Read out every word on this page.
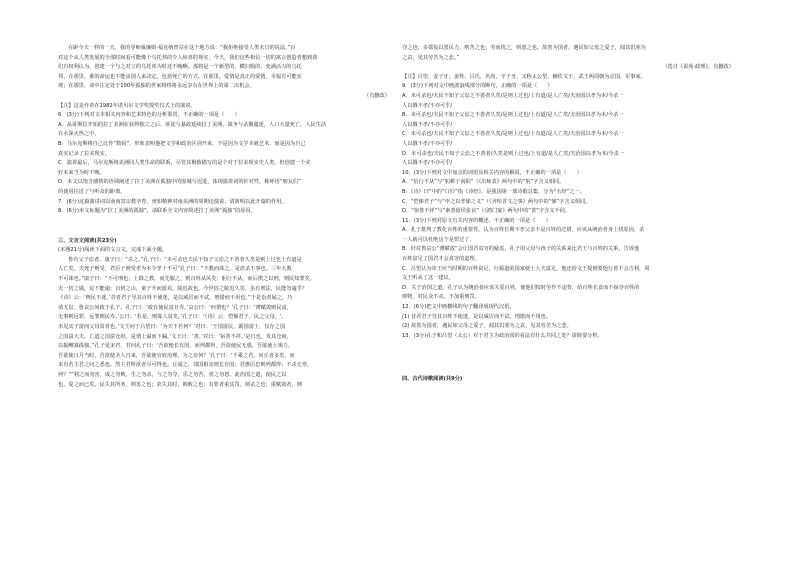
在距今天一样的一天，我的导师威廉姆·福克纳曾站在这个地方说：“我拒绝接受人类末日的说法。”百

对这个从人类发展的全部时间看可能像个乌托邦的令人惊喜的现实，今天，我们这些相信一切的寓言创造者想到我

们有权利认为，创建一个与之对立的乌托邦为时还不晚啊。那将是一个新型的、横扫般的、充满活力的乌托

邦，在那里，谁的命运也不能由别人来决定，包括死亡的方式。在那里，爱情是真正的爱情，幸福有可能实

现；在那里，命中注定处于100年孤独的世家将终将永远享有在世界上的第二次机会。

（有删改）

【注】这是作者在1982年诺贝尔文学奖授奖仪式上的演说。

6．(3分)下列对文本相关内容和艺术特色的分析鉴赏，不正确的一项是（　　）

A．从哥斯拉开始的拉丁美洲在获得独立之后，匪徒与暴政延续拉丁美洲，战争与杀戮蔓延，人口大量死亡，人民生活

在水深火热之中。

B．马尔克斯将自己比作“数码”，形象表明他把文学和政治区别开来，不是因为文学本就艺术，而是因为自己

真实记录了拉美现实。

C．演讲最后，马尔克斯将美洲同人类生命的联系，尽管其极致描写的是个对于拉美现实史人类，但创建一个美

好未来当为时不晚。

D．本文以饱含感情的语调阐述了拉丁美洲在孤独中的围城与迟进，体现演讲词的针对性，称呼语“朋友们”

的使用拉近了与听众的距离。

7．(6分)这篇演讲词以南南冥宗教孕育，虔如精神对南美洲的周期论演说，请简明以此开篇的作用。

8．(6分)本文标题为“拉丁美洲的孤独”，请联系全文内容简述拉丁美洲“孤独”的原因。

三、文言文阅读(共23分)

(本题21分)阅读下面的文言文，完成下面小题。

鲁有父子讼者，康子曰：“杀之。”孔子曰：“未可杀也夫民不知子父讼之不善者久矣是则上过也上有道是

人亡矣。夫死子则受，君臣子则受孝为本令孝十不可”孔子曰：“不教而诛之，是虐杀不事也。三年大教

不可诛也。”康子曰：“不可刑也；上降之教，而先服之，则百姓从风矣；躬行不从，而后俟之以刑，则民知罪矣。

夫一仞之墙，民不能逾；百仞之山，童子升而游焉，陵迟故也。今世俗之陵迟久矣，虽有刑法，民能勿逾乎？

《诗》云：‘俾民不迷。’昔者君子导其百姓不使迷，是以威厉而不试，刑错而不用也。”于是讼者闻之，乃

请无讼。鲁哀公问政于孔子。孔子曰：‘政有使民富且寿。’哀公曰：‘何谓也？’孔子曰：‘薄赋敛则民富，

无事则远罪，远罪则民寿。’公曰：‘若是，则寡人贫矣。’孔子曰：‘《诗》云：恺悌君子，民之父母。',

未见其子富而父母贫者也。’文王问于吕望曰：‘为天下若何？’对曰：‘王国富民，霸国富士，仅存之国

之国富大夫，亡道之国富仓府。是谓上溢而下漏。’文王曰：‘善。’对曰：‘宿善不祥。’是日也，发其仓府，

以振鳏寡孤独。”孔子见宋君，君问孔子曰：‘吾欲使长有国，而列都得，吾欲使民无惑，吾欲使士竭力，

吾欲使日月当时，吾欲使圣人自来，吾欲使官府治理，为之奈何？’孔子曰：‘千乘之君，问丘者多矣，而

未有若主君之问之悉也。然主君所欲者尽可得也。丘闻之，邻国相亲则长有国；君惠臣忠则列都得；不杀无辜，

何？”“利之而勿害，成之勿败，生之勿杀，与之勿夺，乐之勿苦，喜之勿怒。此治国之道，使民之以

也，爱之而已矣。民失其所务，则害之也；农失其时，则败之也；有罪者重其罚，则杀之也；重赋敛者，则

夺之也；多徭役以罢民力，则苦之也；劳而扰之，则怒之也。故善为国者，遇民如父母之爱子，闻其饥寒为

之哀，见其劳苦为之悲。”

（选自《说苑·政理》，有删改）

【注】吕望，姜子牙，姜姓，吕氏，名尚，字子牙，又称太公望，辅佐文王、武王两周朝为宗国，军事家。

9．(3分)下列对文中画波浪线部分的断句，正确的一项是（　　）

A．未可杀也/夫民不知子父讼之不善者久矣/是则上过也/上有道/是人亡矣/夫治国以孝为本/今杀一

人以戮不孝/不亦可乎/

B．未可杀也/夫民不知子父讼之不善者久矣/是则上过也/上有道/是人亡矣/夫治国以孝为本/今杀一

人以戮不孝/不亦可乎/

C．未可杀也/夫民不知子父讼之不善者久矣/是则上过也/上有道/是人亡矣/夫治国以孝为本/今杀一

人以戮不孝/不亦可乎/

D．未可杀也/夫民不知子父讼之不善者/久矣是则上过也/上有道/是人亡矣/夫治国以孝为本/今杀一

人以戮不孝/不亦可乎/

10．(3分)下列对文中加点的词语及相关内容的解说，不正确的一项是（　　）

A．“俗行不从”与“躬耕于南阳”（《出师表》两句中的“躬”字含义相同。

B．《诗》曰”中的“《诗》”指《诗经》，是我国第一部诗歌总集，分为“五经”之一。

C．“恺悌君子”与“申之以孝悌之义”（《齐桓晋文之事》两句中的“悌”字含义相同。

D．“宿善不祥”与“素善留侯张良”（《鸿门宴》两句中的“善”字含义不同。

11．(3分)下列对原文有关内容的概述，不正确的一项是（　　）

A．孔子批判了教化百姓的重要性，认为百姓长期不孝父亲不是百姓的过错，应该从统治者身上找原因，杀

一人就可以杜绝这个是罪过了。

B．针对鲁哀公“薄赋敛”会让国君贫穷的疑虑，孔子用父母与孩子的关系来比君王与百姓的关系，告诉他

百姓富足了国君才会真穷的道理。

C．吕望认为帝王应当时期的百姓富足，行霸道的国家使士大夫富足，他还给文王提到要他行善不会吉利，周

文王听从了这一建议。

D．关于治国之道，孔子认为统治者应该关爱百姓，使他们按时劳作不违背，给百姓衣食而不掠夺百姓的

财物，对民众不杀，不加重刑罚。

12．(6分)把文中画横线的句子翻译成现代汉语。

(1) 昔者君子导其百姓不使迷，是以威厉而不试，刑错而不用也。

(2) 故善为国者，遇民如父母之爱子，闻其饥寒为之哀，见其劳苦为之悲。

13．(3分)孔子和吕望（太公）对于君主为政治国的看法有什么共同之处？请简要分析。

四、古代诗歌阅读(共9分)
